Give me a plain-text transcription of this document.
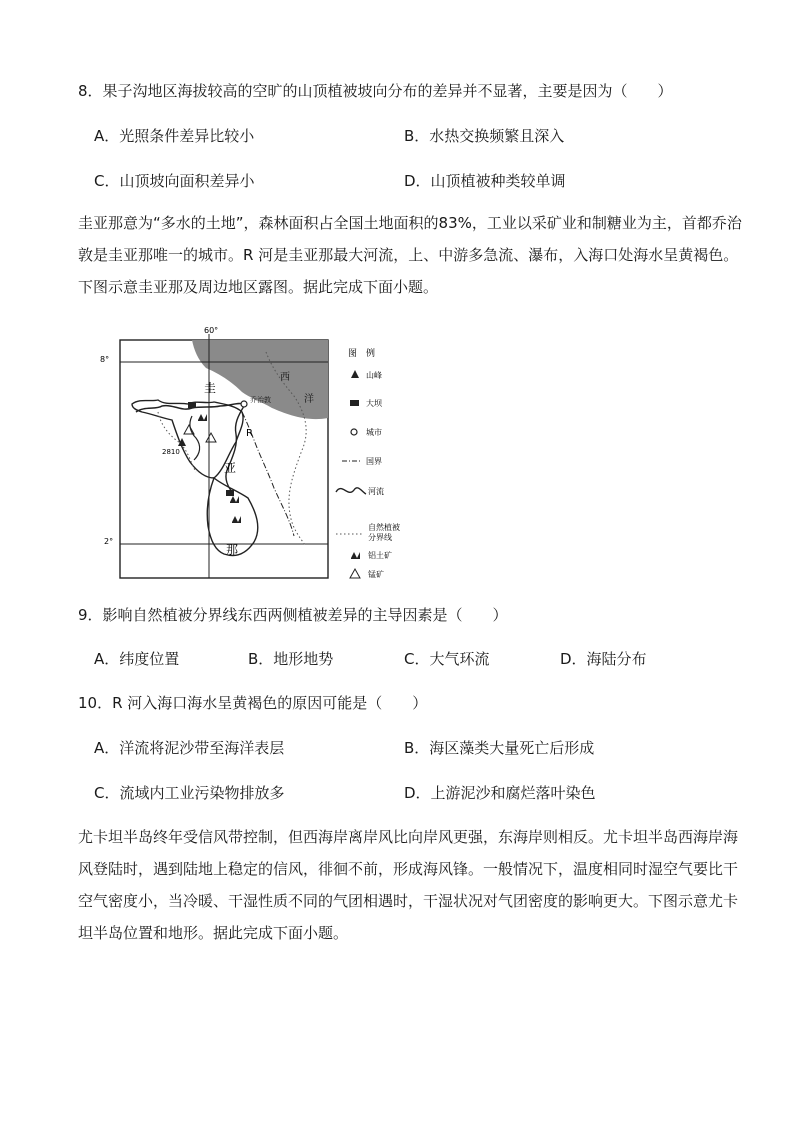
8．果子沟地区海拔较高的空旷的山顶植被坡向分布的差异并不显著，主要是因为（　　）
A．光照条件差异比较小	B．水热交换频繁且深入
C．山顶坡向面积差异小	D．山顶植被种类较单调
圭亚那意为“多水的土地”，森林面积占全国土地面积的83%，工业以采矿业和制糖业为主，首都乔治
敦是圭亚那唯一的城市。R 河是圭亚那最大河流，上、中游多急流、瀑布，入海口处海水呈黄褐色。
下图示意圭亚那及周边地区露图。据此完成下面小题。
60°
8°
2°
2810
乔治敦
R
西
洋
圭
亚
那
图　例
山峰
大坝
城市
国界
河流
自然植被
分界线
铝土矿
锰矿
9．影响自然植被分界线东西两侧植被差异的主导因素是（　　）
A．纬度位置	B．地形地势	C．大气环流	D．海陆分布
10．R 河入海口海水呈黄褐色的原因可能是（　　）
A．洋流将泥沙带至海洋表层	B．海区藻类大量死亡后形成
C．流域内工业污染物排放多	D．上游泥沙和腐烂落叶染色
尤卡坦半岛终年受信风带控制，但西海岸离岸风比向岸风更强，东海岸则相反。尤卡坦半岛西海岸海
风登陆时，遇到陆地上稳定的信风，徘徊不前，形成海风锋。一般情况下，温度相同时湿空气要比干
空气密度小，当冷暖、干湿性质不同的气团相遇时，干湿状况对气团密度的影响更大。下图示意尤卡
坦半岛位置和地形。据此完成下面小题。
